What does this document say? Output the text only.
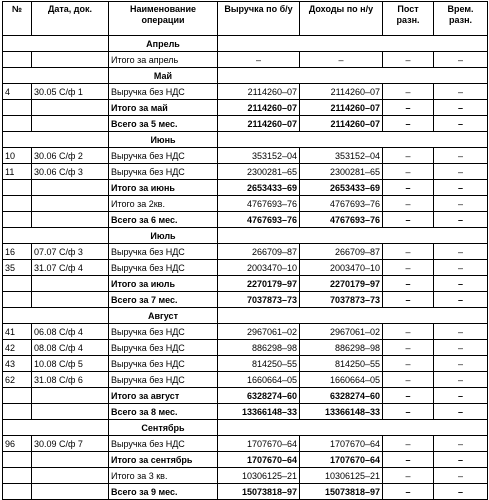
№	Дата, док.	Наименование операции	Выручка по б/у	Доходы по н/у	Пост разн.	Врем. разн.
		Апрель				
		Итого за апрель	–	–	–	–
		Май				
4	30.05 С/ф 1	Выручка без НДС	2114260–07	2114260–07	–	–
		Итого за май	2114260–07	2114260–07	–	–
		Всего за 5 мес.	2114260–07	2114260–07	–	–
		Июнь				
10	30.06 С/ф 2	Выручка без НДС	353152–04	353152–04	–	–
11	30.06 С/ф 3	Выручка без НДС	2300281–65	2300281–65	–	–
		Итого за июнь	2653433–69	2653433–69	–	–
		Итого за 2кв.	4767693–76	4767693–76	–	–
		Всего за 6 мес.	4767693–76	4767693–76	–	–
		Июль				
16	07.07 С/ф 3	Выручка без НДС	266709–87	266709–87	–	–
35	31.07 С/ф 4	Выручка без НДС	2003470–10	2003470–10	–	–
		Итого за июль	2270179–97	2270179–97	–	–
		Всего за 7 мес.	7037873–73	7037873–73	–	–
		Август				
41	06.08 С/ф 4	Выручка без НДС	2967061–02	2967061–02	–	–
42	08.08 С/ф 4	Выручка без НДС	886298–98	886298–98	–	–
43	10.08 С/ф 5	Выручка без НДС	814250–55	814250–55	–	–
62	31.08 С/ф 6	Выручка без НДС	1660664–05	1660664–05	–	–
		Итого за август	6328274–60	6328274–60	–	–
		Всего за 8 мес.	13366148–33	13366148–33	–	–
		Сентябрь				
96	30.09 С/ф 7	Выручка без НДС	1707670–64	1707670–64	–	–
		Итого за сентябрь	1707670–64	1707670–64	–	–
		Итого за 3 кв.	10306125–21	10306125–21	–	–
		Всего за 9 мес.	15073818–97	15073818–97	–	–
